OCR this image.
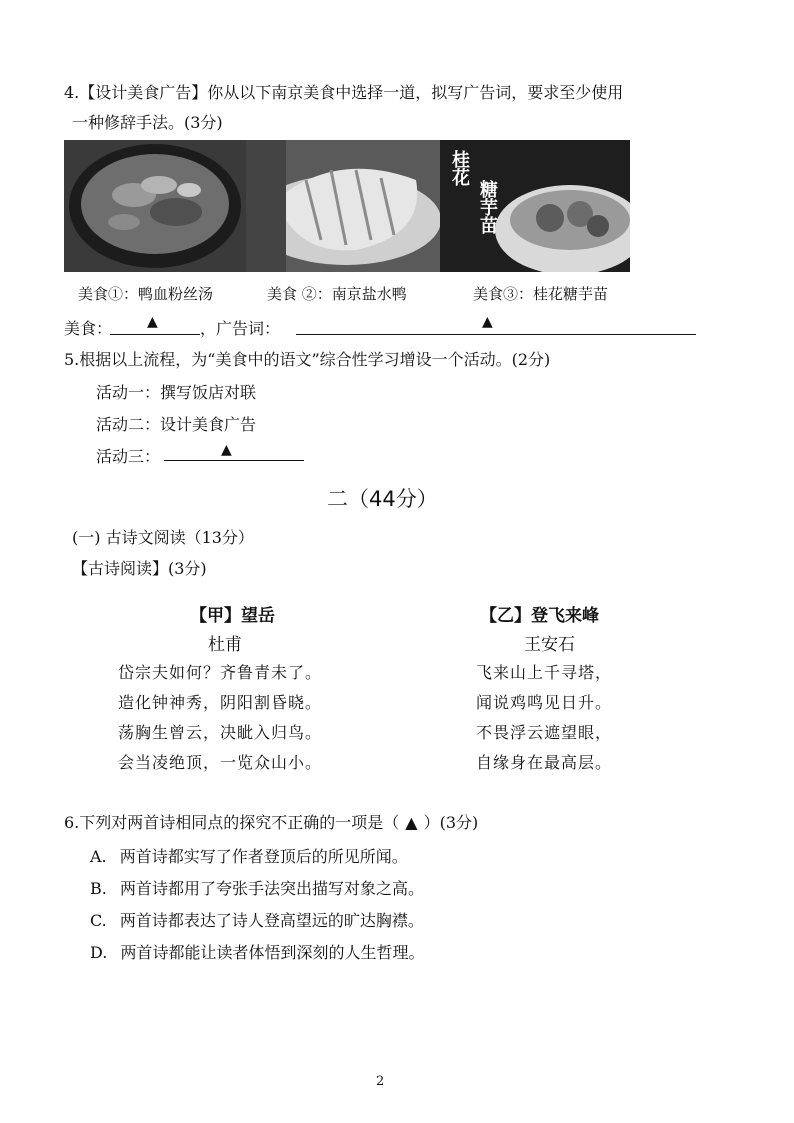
4.【设计美食广告】你从以下南京美食中选择一道，拟写广告词，要求至少使用
一种修辞手法。(3分)
桂花
糖芋苗
美食①：鸭血粉丝汤	美食 ②：南京盐水鸭	美食③：桂花糖芋苗
美食： ▲	，广告词：	▲
5.根据以上流程，为“美食中的语文”综合性学习增设一个活动。(2分)
活动一：撰写饭店对联
活动二：设计美食广告
活动三：	▲
二（44分）
(一) 古诗文阅读（13分）
【古诗阅读】(3分)
【甲】望岳
杜甫
岱宗夫如何？齐鲁青未了。
造化钟神秀，阴阳割昏晓。
荡胸生曾云，决眦入归鸟。
会当凌绝顶，一览众山小。
【乙】登飞来峰
王安石
飞来山上千寻塔，
闻说鸡鸣见日升。
不畏浮云遮望眼，
自缘身在最高层。
6.下列对两首诗相同点的探究不正确的一项是（ ▲ ）(3分)
A. 两首诗都实写了作者登顶后的所见所闻。
B. 两首诗都用了夸张手法突出描写对象之高。
C. 两首诗都表达了诗人登高望远的旷达胸襟。
D. 两首诗都能让读者体悟到深刻的人生哲理。
2
